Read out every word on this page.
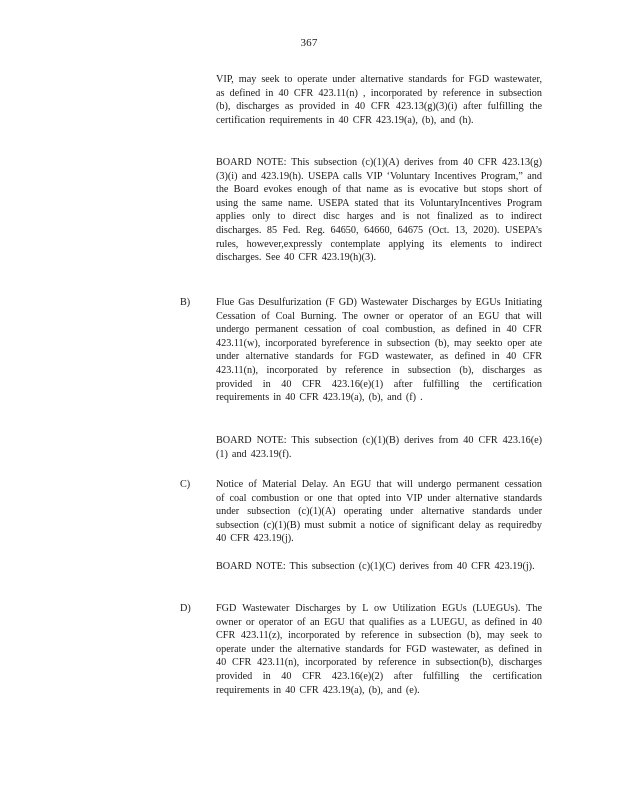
367
VIP, may seek to operate under alternative standards for FGD wastewater, as defined in 40 CFR 423.11(n) , incorporated by reference in subsection (b), discharges as provided in 40 CFR 423.13(g)(3)(i) after fulfilling the certification requirements in 40 CFR 423.19(a), (b), and (h).
BOARD NOTE: This subsection (c)(1)(A) derives from 40 CFR 423.13(g)(3)(i) and 423.19(h). USEPA calls VIP ‘Voluntary Incentives Program,” and the Board evokes enough of that name as is evocative but stops short of using the same name. USEPA stated that its VoluntaryIncentives Program applies only to direct disc harges and is not finalized as to indirect discharges. 85 Fed. Reg. 64650, 64660, 64675 (Oct. 13, 2020). USEPA’s rules, however,expressly contemplate applying its elements to indirect discharges. See 40 CFR 423.19(h)(3).
B)	Flue Gas Desulfurization (F GD) Wastewater Discharges by EGUs Initiating Cessation of Coal Burning. The owner or operator of an EGU that will undergo permanent cessation of coal combustion, as defined in 40 CFR 423.11(w), incorporated byreference in subsection (b), may seekto oper ate under alternative standards for FGD wastewater, as defined in 40 CFR 423.11(n), incorporated by reference in subsection (b), discharges as provided in 40 CFR 423.16(e)(1) after fulfilling the certification requirements in 40 CFR 423.19(a), (b), and (f) .
BOARD NOTE: This subsection (c)(1)(B) derives from 40 CFR 423.16(e)(1) and 423.19(f).
C)	Notice of Material Delay. An EGU that will undergo permanent cessation of coal combustion or one that opted into VIP under alternative standards under subsection (c)(1)(A) operating under alternative standards under subsection (c)(1)(B) must submit a notice of significant delay as requiredby 40 CFR 423.19(j).
BOARD NOTE: This subsection (c)(1)(C) derives from 40 CFR 423.19(j).
D) FGD Wastewater Discharges by L ow Utilization EGUs (LUEGUs). The owner or operator of an EGU that qualifies as a LUEGU, as defined in 40 CFR 423.11(z), incorporated by reference in subsection (b), may seek to operate under the alternative standards for FGD wastewater, as defined in 40 CFR 423.11(n), incorporated by reference in subsection(b), discharges provided in 40 CFR 423.16(e)(2) after fulfilling the certification requirements in 40 CFR 423.19(a), (b), and (e).
